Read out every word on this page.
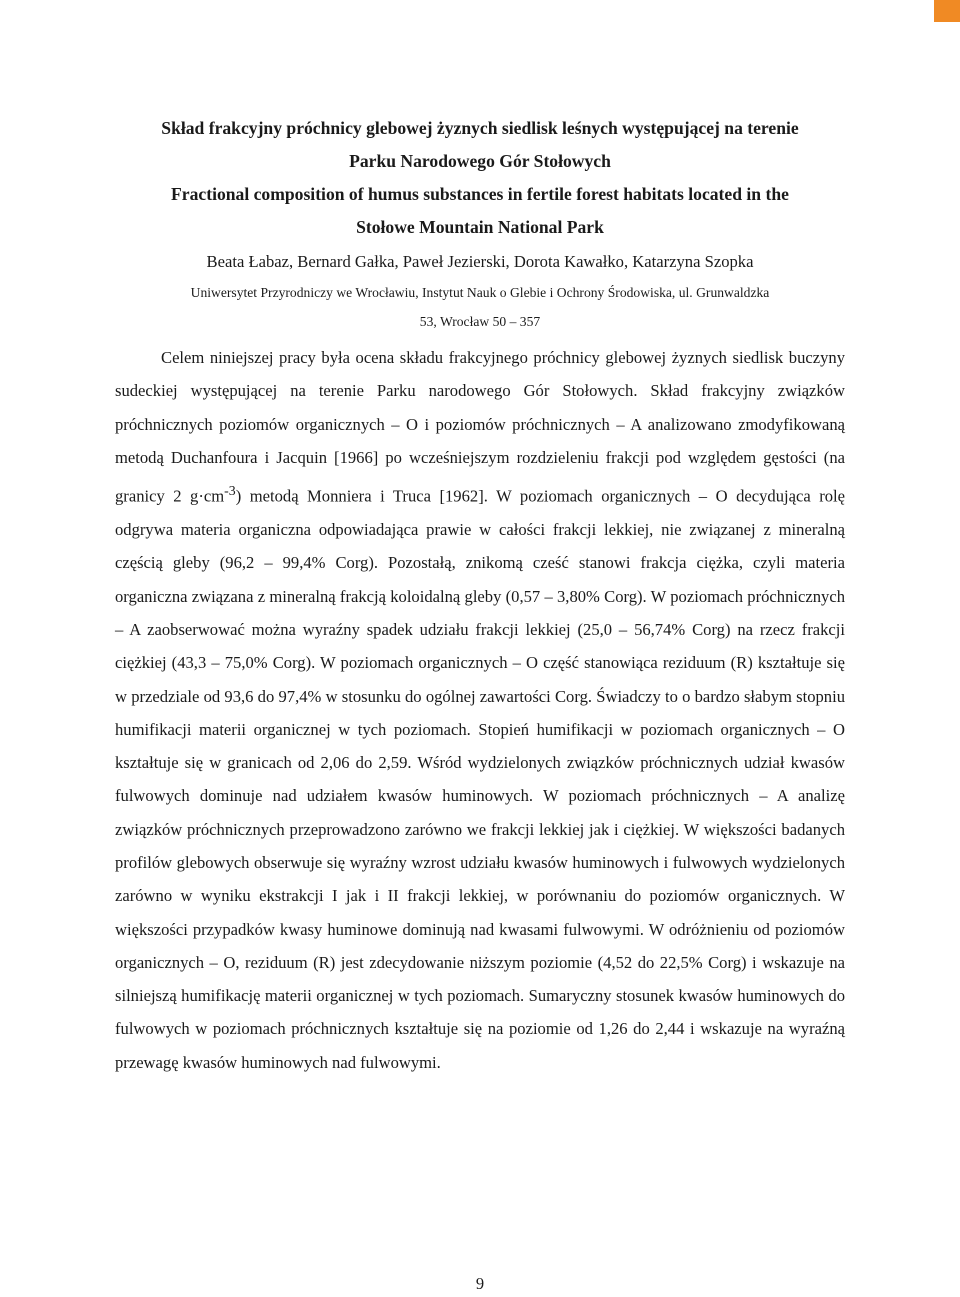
Skład frakcyjny próchnicy glebowej żyznych siedlisk leśnych występującej na terenie
Parku Narodowego Gór Stołowych

Fractional composition of humus substances in fertile forest habitats located in the
Stołowe Mountain National Park

Beata Łabaz, Bernard Gałka, Paweł Jezierski, Dorota Kawałko, Katarzyna Szopka

Uniwersytet Przyrodniczy we Wrocławiu, Instytut Nauk o Glebie i Ochrony Środowiska, ul. Grunwaldzka
53, Wrocław 50 – 357

Celem niniejszej pracy była ocena składu frakcyjnego próchnicy glebowej żyznych siedlisk buczyny sudeckiej występującej na terenie Parku narodowego Gór Stołowych. Skład frakcyjny związków próchnicznych poziomów organicznych – O i poziomów próchnicznych – A analizowano zmodyfikowaną metodą Duchanfoura i Jacquin [1966] po wcześniejszym rozdzieleniu frakcji pod względem gęstości (na granicy 2 $g\cdot cm^{-3}$) metodą Monniera i Truca [1962]. W poziomach organicznych – O decydująca rolę odgrywa materia organiczna odpowiadająca prawie w całości frakcji lekkiej, nie związanej z mineralną częścią gleby (96,2 – 99,4% Corg). Pozostałą, znikomą cześć stanowi frakcja ciężka, czyli materia organiczna związana z mineralną frakcją koloidalną gleby (0,57 – 3,80% Corg). W poziomach próchnicznych – A zaobserwować można wyraźny spadek udziału frakcji lekkiej (25,0 – 56,74% Corg) na rzecz frakcji ciężkiej (43,3 – 75,0% Corg). W poziomach organicznych – O część stanowiąca reziduum (R) kształtuje się w przedziale od 93,6 do 97,4% w stosunku do ogólnej zawartości Corg. Świadczy to o bardzo słabym stopniu humifikacji materii organicznej w tych poziomach. Stopień humifikacji w poziomach organicznych – O kształtuje się w granicach od 2,06 do 2,59. Wśród wydzielonych związków próchnicznych udział kwasów fulwowych dominuje nad udziałem kwasów huminowych. W poziomach próchnicznych – A analizę związków próchnicznych przeprowadzono zarówno we frakcji lekkiej jak i ciężkiej. W większości badanych profilów glebowych obserwuje się wyraźny wzrost udziału kwasów huminowych i fulwowych wydzielonych zarówno w wyniku ekstrakcji I jak i II frakcji lekkiej, w porównaniu do poziomów organicznych. W większości przypadków kwasy huminowe dominują nad kwasami fulwowymi. W odróżnieniu od poziomów organicznych – O, reziduum (R) jest zdecydowanie niższym poziomie (4,52 do 22,5% Corg) i wskazuje na silniejszą humifikację materii organicznej w tych poziomach. Sumaryczny stosunek kwasów huminowych do fulwowych w poziomach próchnicznych kształtuje się na poziomie od 1,26 do 2,44 i wskazuje na wyraźną przewagę kwasów huminowych nad fulwowymi.

9
